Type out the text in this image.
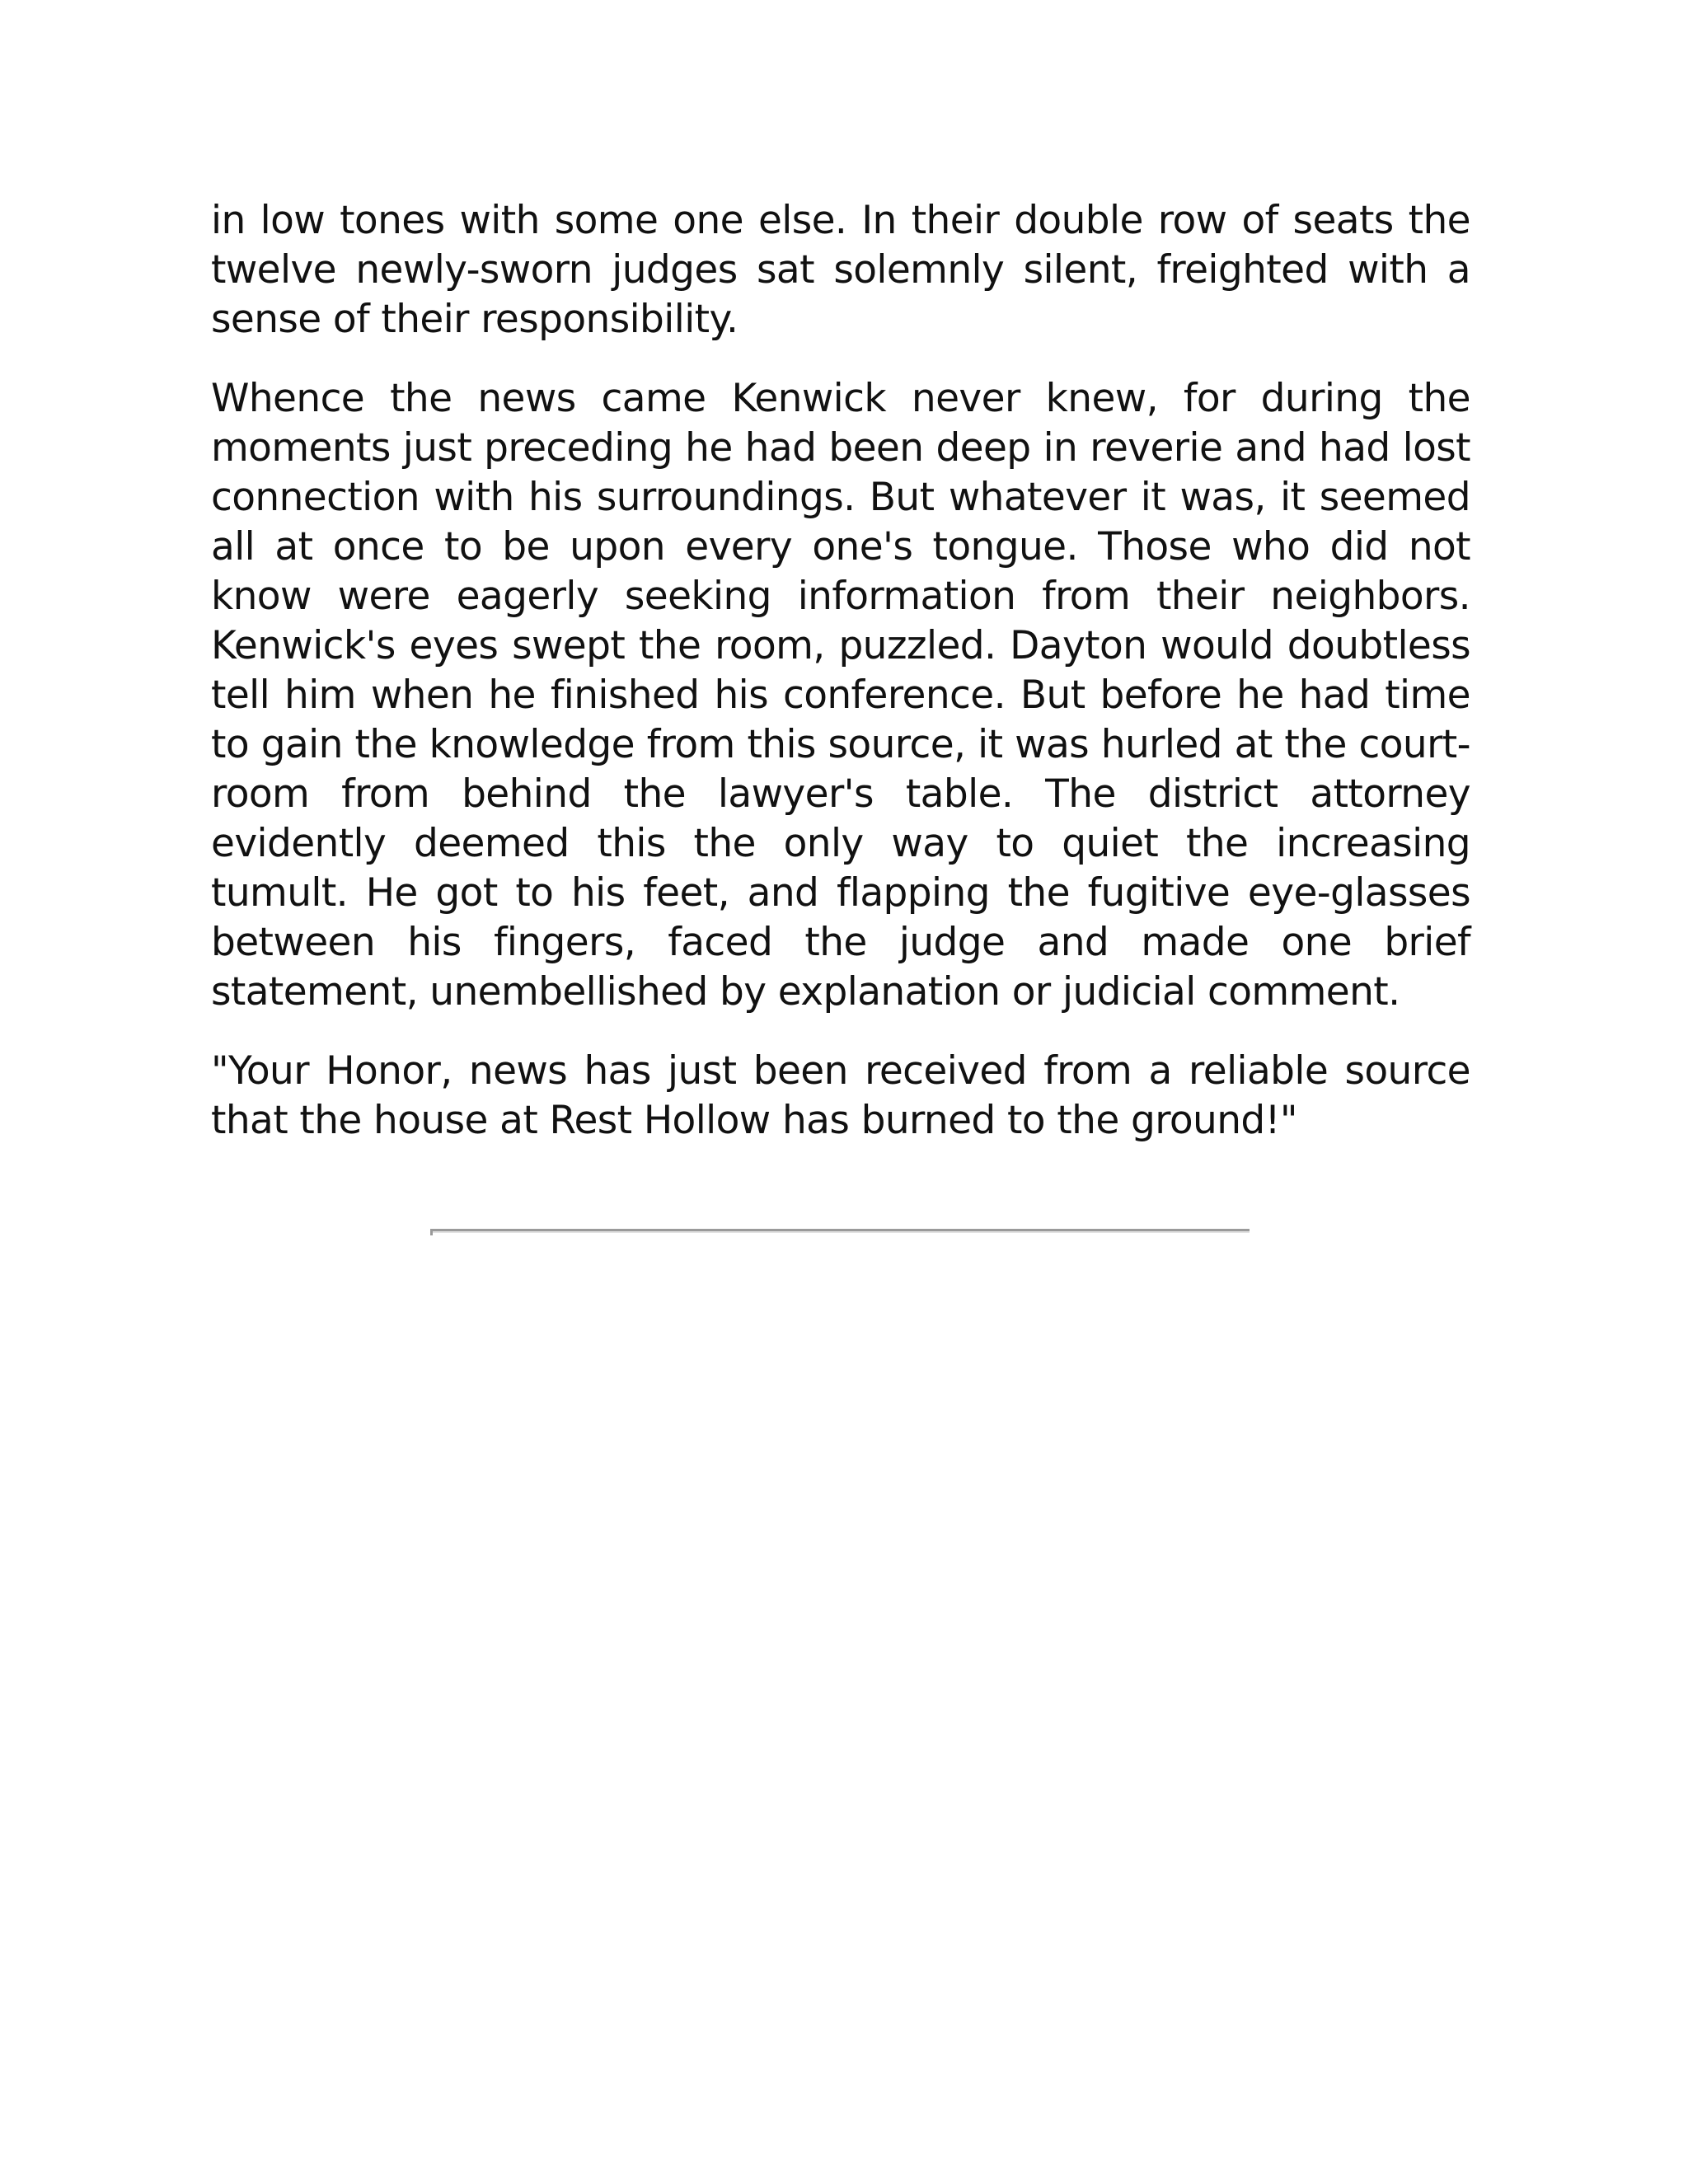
in low tones with some one else. In their double row of seats the twelve newly-sworn judges sat solemnly silent, freighted with a sense of their responsibility.

Whence the news came Kenwick never knew, for during the moments just preceding he had been deep in reverie and had lost connection with his surroundings. But whatever it was, it seemed all at once to be upon every one's tongue. Those who did not know were eagerly seeking information from their neighbors. Kenwick's eyes swept the room, puzzled. Dayton would doubtless tell him when he finished his conference. But before he had time to gain the knowledge from this source, it was hurled at the court-room from behind the lawyer's table. The district attorney evidently deemed this the only way to quiet the increasing tumult. He got to his feet, and flapping the fugitive eye-glasses between his fingers, faced the judge and made one brief statement, unembellished by explanation or judicial comment.

"Your Honor, news has just been received from a reliable source that the house at Rest Hollow has burned to the ground!"
